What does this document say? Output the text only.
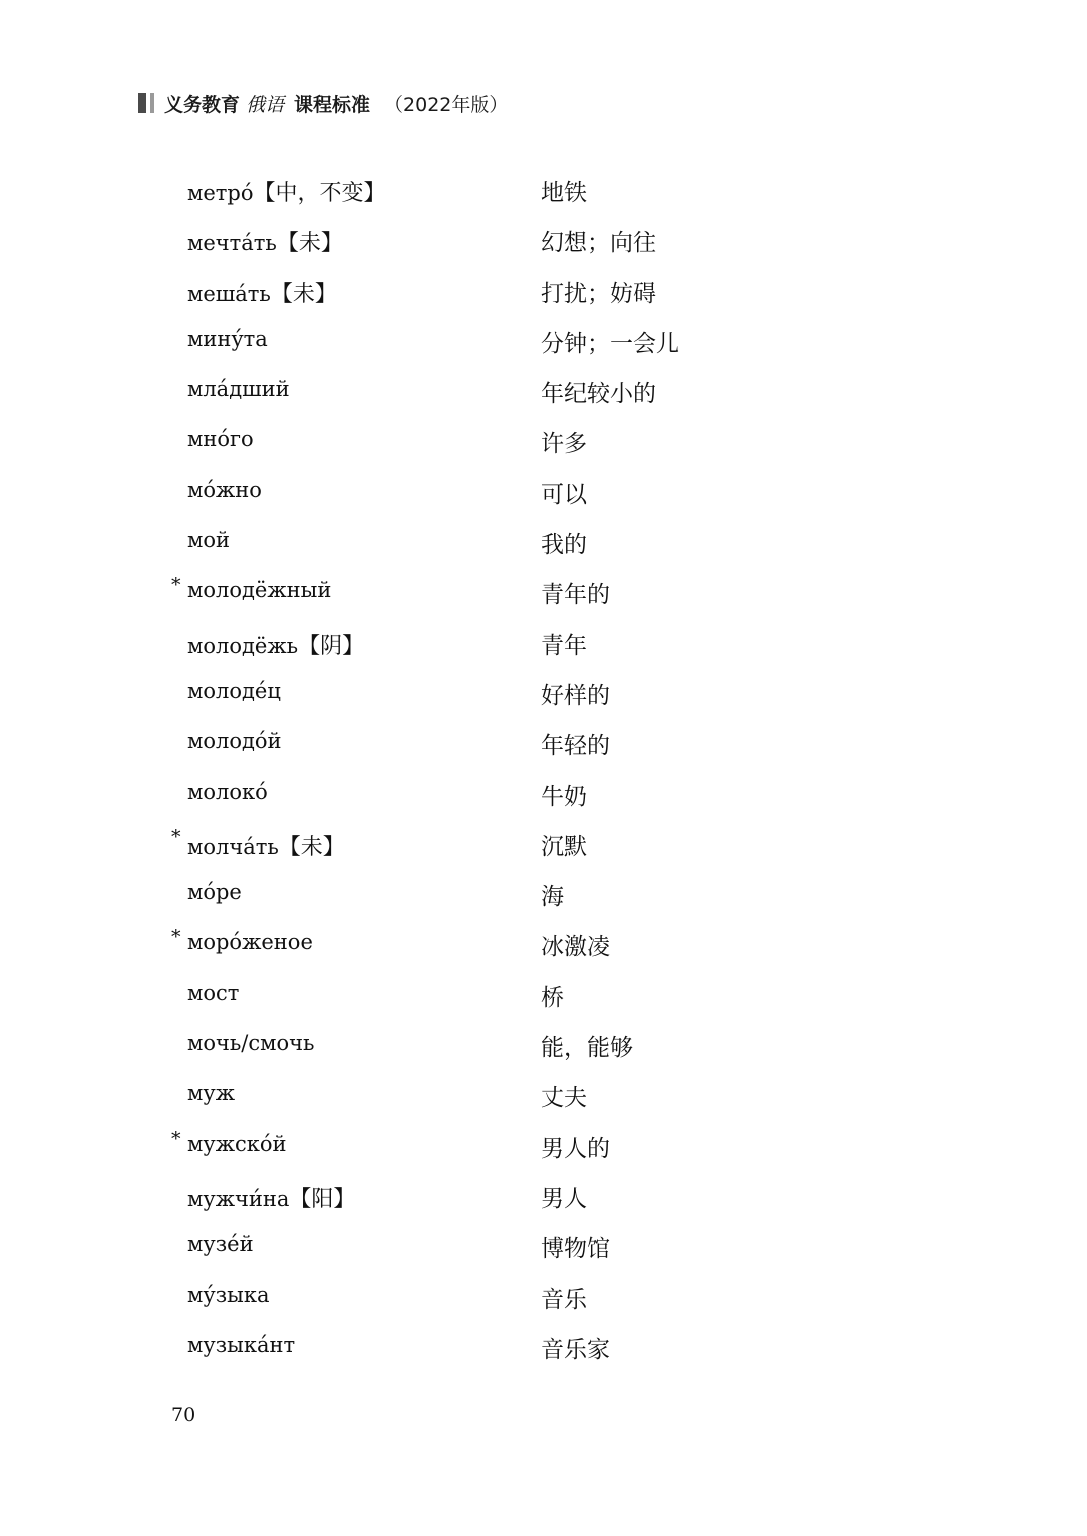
义务教育 俄语 课程标准 （2022年版）
метро́【中，不变】	地铁
мечта́ть【未】	幻想；向往
меша́ть【未】	打扰；妨碍
мину́та	分钟；一会儿
мла́дший	年纪较小的
мно́го	许多
мо́жно	可以
мой	我的
* молодёжный	青年的
молодёжь【阴】	青年
молоде́ц	好样的
молодо́й	年轻的
молоко́	牛奶
* молча́ть【未】	沉默
мо́ре	海
* моро́женое	冰激凌
мост	桥
мочь/смочь	能，能够
муж	丈夫
* мужско́й	男人的
мужчи́на【阳】	男人
музе́й	博物馆
му́зыка	音乐
музыка́нт	音乐家
70
